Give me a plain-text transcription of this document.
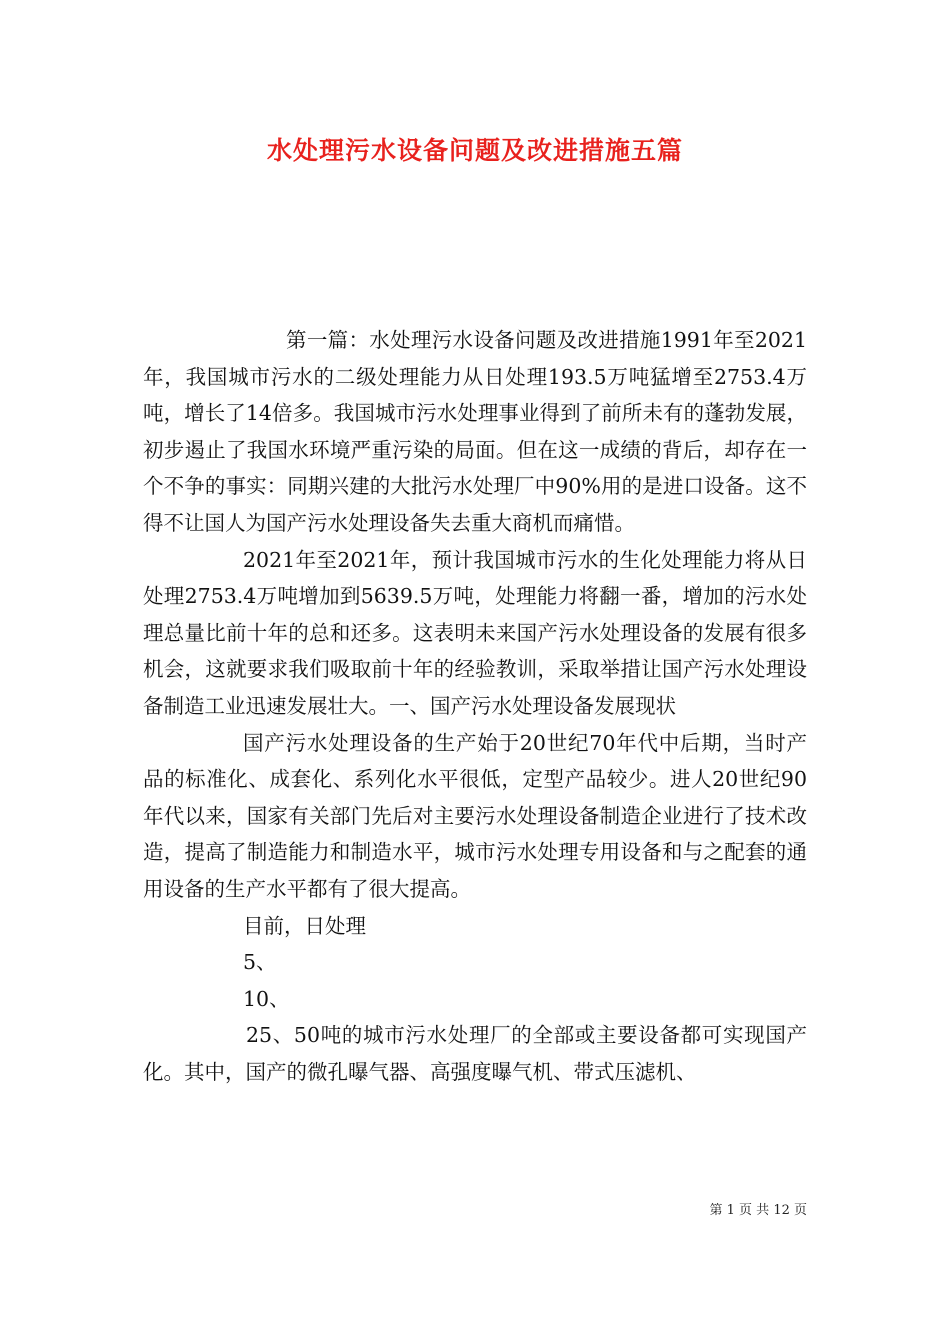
水处理污水设备问题及改进措施五篇

第一篇：水处理污水设备问题及改进措施1991年至2021年，我国城市污水的二级处理能力从日处理193.5万吨猛增至2753.4万吨，增长了14倍多。我国城市污水处理事业得到了前所未有的蓬勃发展，初步遏止了我国水环境严重污染的局面。但在这一成绩的背后，却存在一个不争的事实：同期兴建的大批污水处理厂中90%用的是进口设备。这不得不让国人为国产污水处理设备失去重大商机而痛惜。

2021年至2021年，预计我国城市污水的生化处理能力将从日处理2753.4万吨增加到5639.5万吨，处理能力将翻一番，增加的污水处理总量比前十年的总和还多。这表明未来国产污水处理设备的发展有很多机会，这就要求我们吸取前十年的经验教训，采取举措让国产污水处理设备制造工业迅速发展壮大。一、国产污水处理设备发展现状

国产污水处理设备的生产始于20世纪70年代中后期，当时产品的标准化、成套化、系列化水平很低，定型产品较少。进人20世纪90年代以来，国家有关部门先后对主要污水处理设备制造企业进行了技术改造，提高了制造能力和制造水平，城市污水处理专用设备和与之配套的通用设备的生产水平都有了很大提高。

目前，日处理

5、

10、

25、50吨的城市污水处理厂的全部或主要设备都可实现国产化。其中，国产的微孔曝气器、高强度曝气机、带式压滤机、

第 1 页 共 12 页
